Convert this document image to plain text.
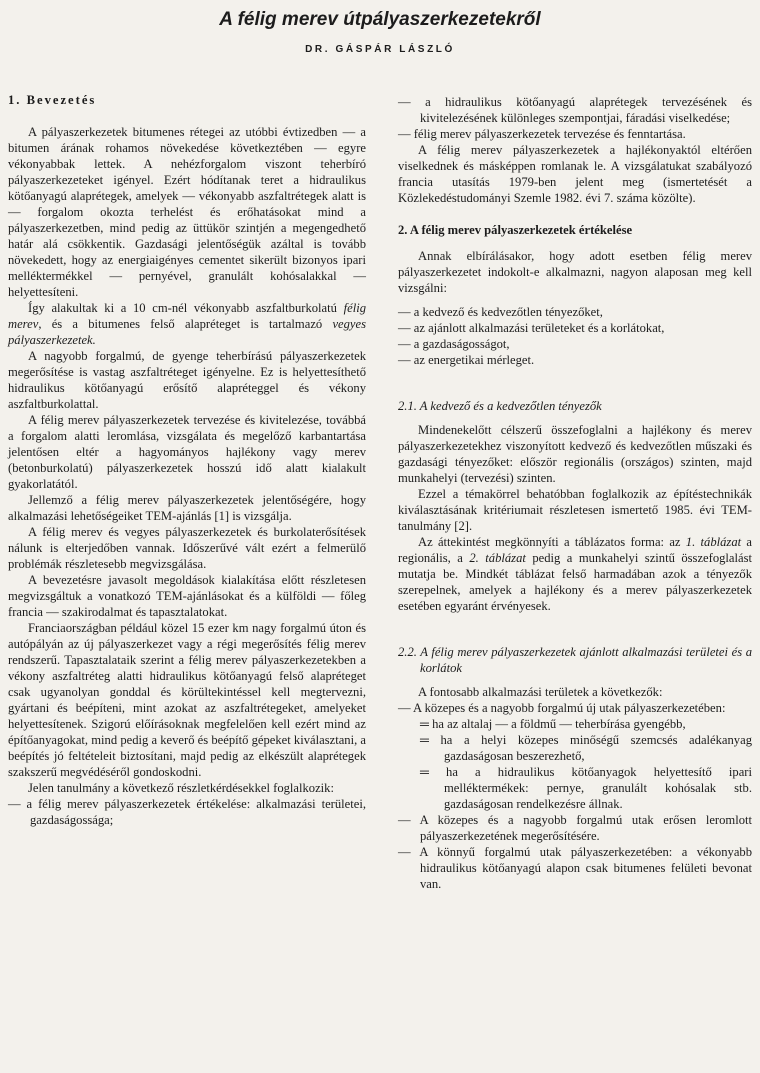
A félig merev útpályaszerkezetekről
DR. GÁSPÁR LÁSZLÓ
1. Bevezetés

A pályaszerkezetek bitumenes rétegei az utóbbi évtizedben — a bitumen árának rohamos növekedése következtében — egyre vékonyabbak lettek. A nehézforgalom viszont teherbíró pályaszerkezeteket igényel. Ezért hódítanak teret a hidraulikus kötőanyagú alaprétegek, amelyek — vékonyabb aszfaltrétegek alatt is — forgalom okozta terhelést és erőhatásokat mind a pályaszerkezetben, mind pedig az üttükör szintjén a megengedhető határ alá csökkentik. Gazdasági jelentőségük azáltal is tovább növekedett, hogy az energiaigényes cementet sikerült bizonyos ipari melléktermékkel — pernyével, granulált kohósalakkal — helyettesíteni.

Így alakultak ki a 10 cm-nél vékonyabb aszfaltburkolatú félig merev, és a bitumenes felső alapréteget is tartalmazó vegyes pályaszerkezetek.

A nagyobb forgalmú, de gyenge teherbírású pályaszerkezetek megerősítése is vastag aszfaltréteget igényelne. Ez is helyettesíthető hidraulikus kötőanyagú erősítő alapréteggel és vékony aszfaltburkolattal.

A félig merev pályaszerkezetek tervezése és kivitelezése, továbbá a forgalom alatti leromlása, vizsgálata és megelőző karbantartása jelentősen eltér a hagyományos hajlékony vagy merev (betonburkolatú) pályaszerkezetek hosszú idő alatt kialakult gyakorlatától.

Jellemző a félig merev pályaszerkezetek jelentőségére, hogy alkalmazási lehetőségeiket TEM-ajánlás [1] is vizsgálja.

A félig merev és vegyes pályaszerkezetek és burkolaterősítések nálunk is elterjedőben vannak. Időszerűvé vált ezért a felmerülő problémák részletesebb megvizsgálása.

A bevezetésre javasolt megoldások kialakítása előtt részletesen megvizsgáltuk a vonatkozó TEM-ajánlásokat és a külföldi — főleg francia — szakirodalmat és tapasztalatokat.

Franciaországban például közel 15 ezer km nagy forgalmú úton és autópályán az új pályaszerkezet vagy a régi megerősítés félig merev rendszerű. Tapasztalataik szerint a félig merev pályaszerkezetekben a vékony aszfaltréteg alatti hidraulikus kötőanyagú felső alapréteget csak ugyanolyan gonddal és körültekintéssel kell megtervezni, gyártani és beépíteni, mint azokat az aszfaltrétegeket, amelyeket helyettesítenek. Szigorú előírásoknak megfelelően kell ezért mind az építőanyagokat, mind pedig a keverő és beépítő gépeket kiválasztani, a beépítés jó feltételeit biztosítani, majd pedig az elkészült alaprétegek szakszerű megvédéséről gondoskodni.

Jelen tanulmány a következő részletkérdésekkel foglalkozik:

— a félig merev pályaszerkezetek értékelése: alkalmazási területei, gazdaságossága;
— a hidraulikus kötőanyagú alaprétegek tervezésének és kivitelezésének különleges szempontjai, fáradási viselkedése;
— félig merev pályaszerkezetek tervezése és fenntartása.

A félig merev pályaszerkezetek a hajlékonyaktól eltérően viselkednek és másképpen romlanak le. A vizsgálatukat szabályozó francia utasítás 1979-ben jelent meg (ismertetését a Közlekedéstudományi Szemle 1982. évi 7. száma közölte).

2. A félig merev pályaszerkezetek értékelése

Annak elbírálásakor, hogy adott esetben félig merev pályaszerkezetet indokolt-e alkalmazni, nagyon alaposan meg kell vizsgálni:

— a kedvező és kedvezőtlen tényezőket,
— az ajánlott alkalmazási területeket és a korlátokat,
— a gazdaságosságot,
— az energetikai mérleget.
2.1. A kedvező és a kedvezőtlen tényezők

Mindenekelőtt célszerű összefoglalni a hajlékony és merev pályaszerkezetekhez viszonyított kedvező és kedvezőtlen műszaki és gazdasági tényezőket: először regionális (országos) szinten, majd munkahelyi (tervezési) szinten.

Ezzel a témakörrel behatóbban foglalkozik az építéstechnikák kiválasztásának kritériumait részletesen ismertető 1985. évi TEM-tanulmány [2].

Az áttekintést megkönnyíti a táblázatos forma: az 1. táblázat a regionális, a 2. táblázat pedig a munkahelyi szintű összefoglalást mutatja be. Mindkét táblázat felső harmadában azok a tényezők szerepelnek, amelyek a hajlékony és a merev pályaszerkezetek esetében egyaránt érvényesek.

2.2. A félig merev pályaszerkezetek ajánlott alkalmazási területei és a korlátok

A fontosabb alkalmazási területek a következők:

— A közepes és a nagyobb forgalmú új utak pályaszerkezetében:
═ ha az altalaj — a földmű — teherbírása gyengébb,
═ ha a helyi közepes minőségű szemcsés adalékanyag gazdaságosan beszerezhető,
═ ha a hidraulikus kötőanyagok helyettesítő ipari melléktermékek: pernye, granulált kohósalak stb. gazdaságosan rendelkezésre állnak.
— A közepes és a nagyobb forgalmú utak erősen leromlott pályaszerkezetének megerősítésére.
— A könnyű forgalmú utak pályaszerkezetében: a vékonyabb hidraulikus kötőanyagú alapon csak bitumenes felületi bevonat van.
